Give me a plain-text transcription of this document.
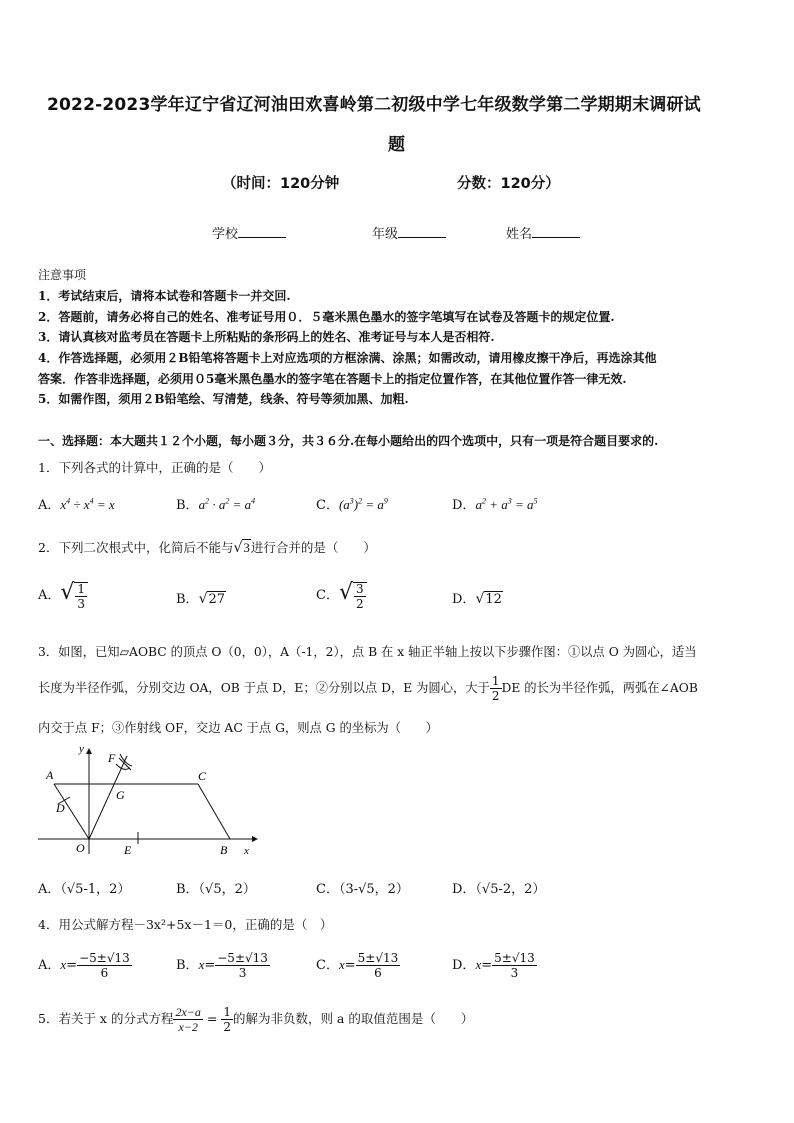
2022-2023学年辽宁省辽河油田欢喜岭第二初级中学七年级数学第二学期期末调研试
题
（时间：120分钟	分数：120分）
学校	年级	姓名
注意事项
1．考试结束后，请将本试卷和答题卡一并交回.
2．答题前，请务必将自己的姓名、准考证号用０．５毫米黑色墨水的签字笔填写在试卷及答题卡的规定位置.
3．请认真核对监考员在答题卡上所粘贴的条形码上的姓名、准考证号与本人是否相符.
4．作答选择题，必须用２B铅笔将答题卡上对应选项的方框涂满、涂黑；如需改动，请用橡皮擦干净后，再选涂其他
答案．作答非选择题，必须用０5毫米黑色墨水的签字笔在答题卡上的指定位置作答，在其他位置作答一律无效.
5．如需作图，须用２B铅笔绘、写清楚，线条、符号等须加黑、加粗.
一、选择题：本大题共１２个小题，每小题３分，共３６分.在每小题给出的四个选项中，只有一项是符合题目要求的.
1．下列各式的计算中，正确的是（　　）
A．$x^4 \div x^4 = x$	B．$a^2 \cdot a^2 = a^4$	C．$(a^3)^2 = a^9$	D．$a^2 + a^3 = a^5$
2．下列二次根式中，化简后不能与√3进行合并的是（　　）
A．√ $\frac{1}{3}$	B．√27	C．√ $\frac{3}{2}$	D．√12
3．如图，已知▱AOBC 的顶点 O（0，0），A（-1，2），点 B 在 x 轴正半轴上按以下步骤作图：①以点 O 为圆心，适当
长度为半径作弧，分别交边 OA，OB 于点 D，E；②分别以点 D，E 为圆心，大于 $\frac{1}{2}$ DE 的长为半径作弧，两弧在∠AOB
内交于点 F；③作射线 OF，交边 AC 于点 G，则点 G 的坐标为（　　）
y
x
A	C
F
G
D
O	E	B
A．（√5-1，2）	B．（√5，2）	C．（3-√5，2）	D．（√5-2，2）
4．用公式解方程－3x²+5x－1＝0，正确的是（　）
A．$x= \frac{-5\pm√13}{6}$	B．$x= \frac{-5\pm√13}{3}$	C．$x= \frac{5\pm√13}{6}$	D．$x= \frac{5\pm√13}{3}$
5．若关于 x 的分式方程 $\frac{2x-a}{x-2} = \frac{1}{2}$ 的解为非负数，则 a 的取值范围是（　　）
